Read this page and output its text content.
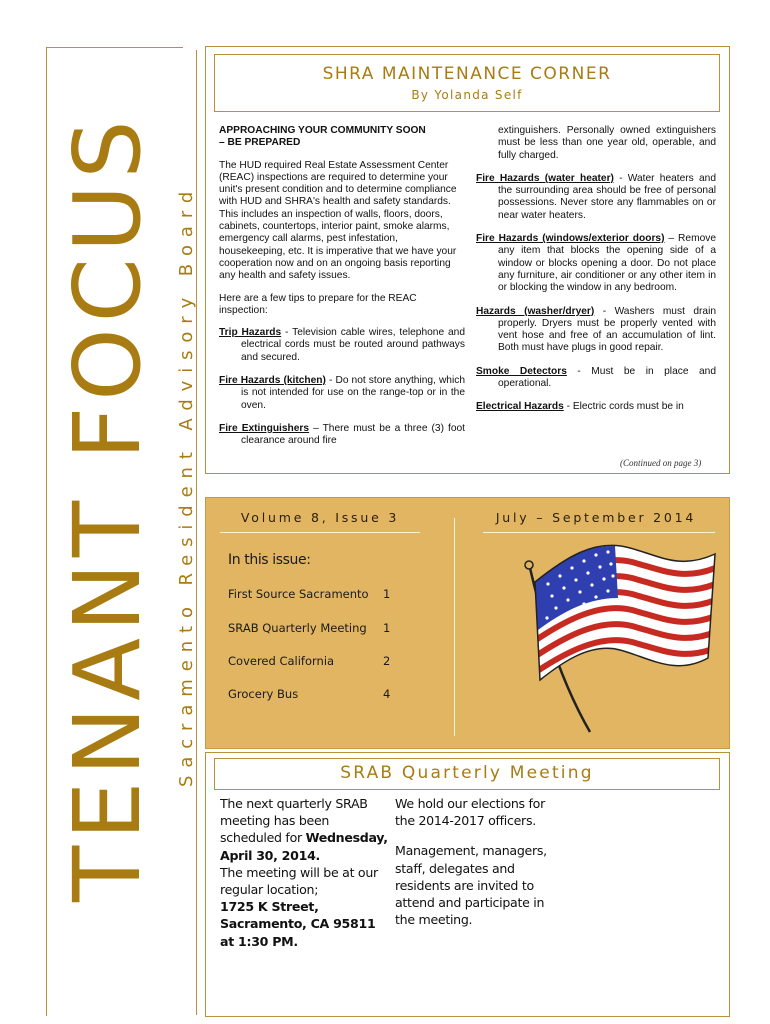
TENANT FOCUS Sacramento Resident Advisory Board
SHRA MAINTENANCE CORNER
By Yolanda Self

APPROACHING YOUR COMMUNITY SOON
– BE PREPARED

The HUD required Real Estate Assessment Center (REAC) inspections are required to determine your unit's present condition and to determine compliance with HUD and SHRA's health and safety standards. This includes an inspection of walls, floors, doors, cabinets, countertops, interior paint, smoke alarms, emergency call alarms, pest infestation, housekeeping, etc. It is imperative that we have your cooperation now and on an ongoing basis reporting any health and safety issues.

Here are a few tips to prepare for the REAC inspection:

Trip Hazards - Television cable wires, telephone and electrical cords must be routed around pathways and secured.

Fire Hazards (kitchen) - Do not store anything, which is not intended for use on the range-top or in the oven.

Fire Extinguishers – There must be a three (3) foot clearance around fire

extinguishers. Personally owned extinguishers must be less than one year old, operable, and fully charged.

Fire Hazards (water heater) - Water heaters and the surrounding area should be free of personal possessions. Never store any flammables on or near water heaters.

Fire Hazards (windows/exterior doors) – Remove any item that blocks the opening side of a window or blocks opening a door. Do not place any furniture, air conditioner or any other item in or blocking the window in any bedroom.

Hazards (washer/dryer) - Washers must drain properly. Dryers must be properly vented with vent hose and free of an accumulation of lint. Both must have plugs in good repair.

Smoke Detectors - Must be in place and operational.

Electrical Hazards - Electric cords must be in

(Continued on page 3)
Volume 8, Issue 3	July – September 2014
In this issue:
First Source Sacramento 1
SRAB Quarterly Meeting 1
Covered California	2
Grocery Bus	4
SRAB Quarterly Meeting

The next quarterly SRAB meeting has been scheduled for Wednesday, April 30, 2014.

The meeting will be at our regular location;

1725 K Street, Sacramento, CA 95811

at 1:30 PM.

We hold our elections for the 2014-2017 officers.

Management, managers, staff, delegates and residents are invited to attend and participate in the meeting.
